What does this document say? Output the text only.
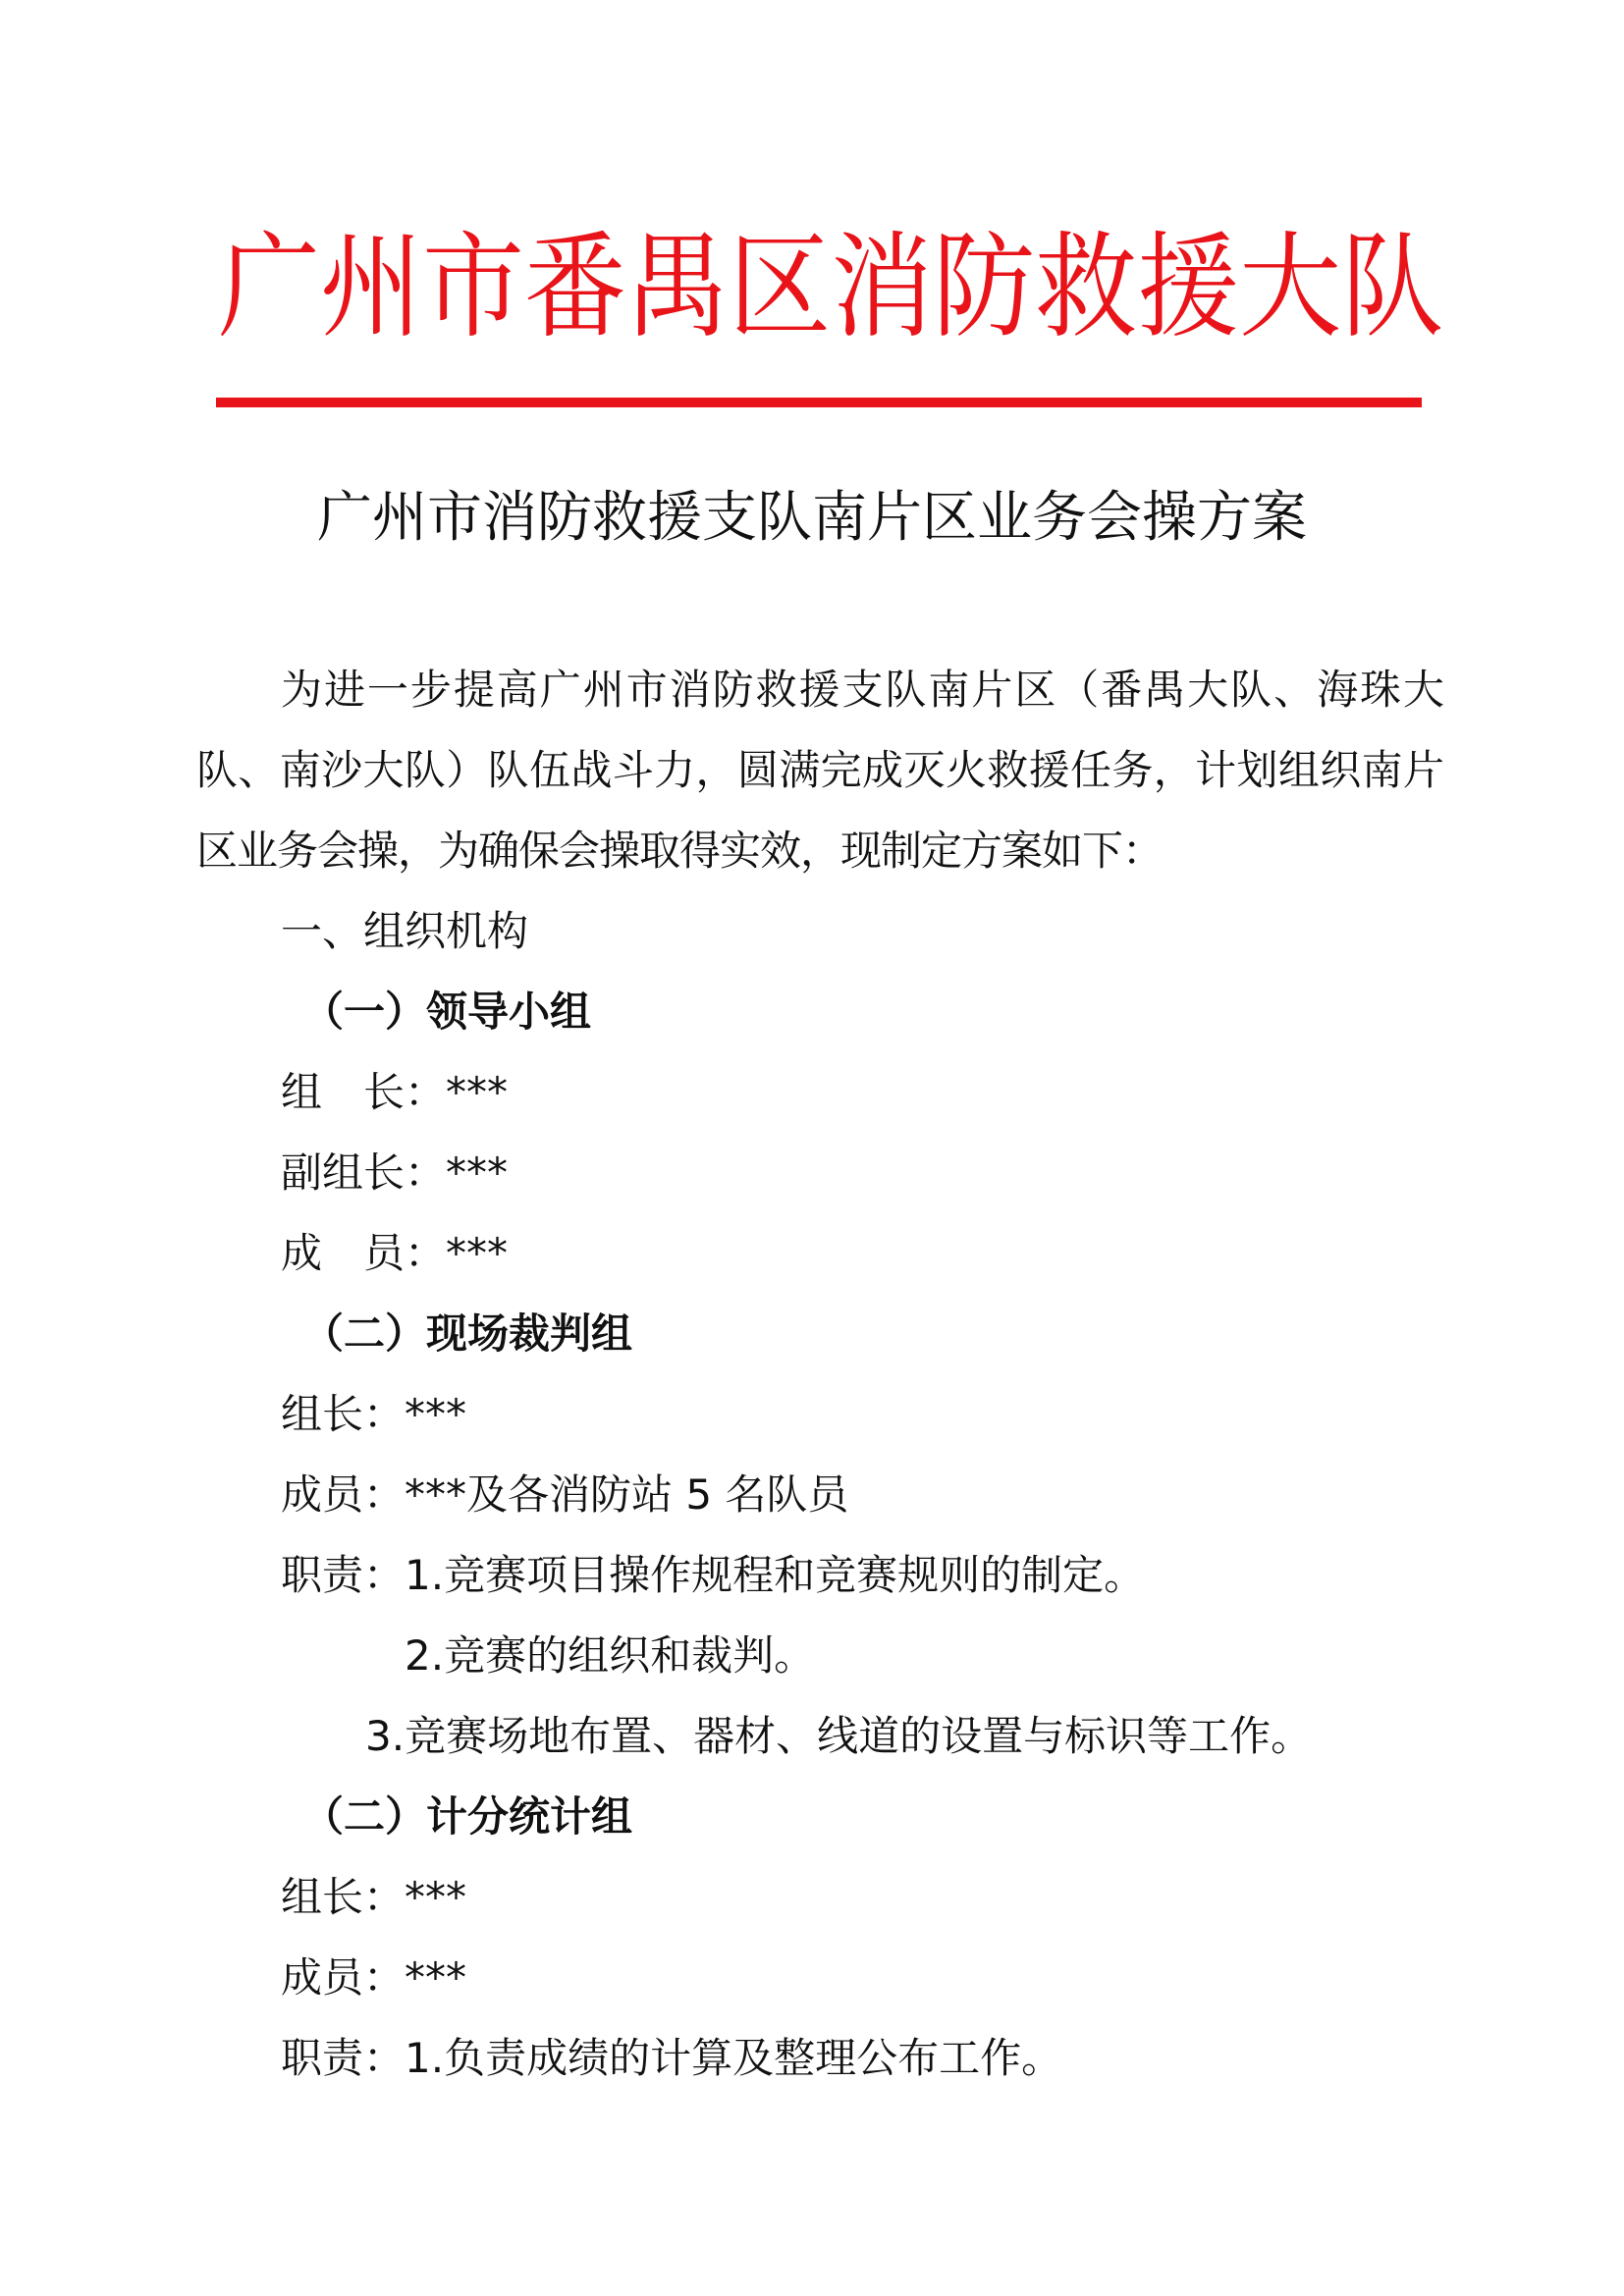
广 州 市 番 禺 区 消 防 救 援 大 队
广州市消防救援支队南片区业务会操方案
为进一步提高广州市消防救援支队南片区（番禺大队、海珠大队、南沙大队）队伍战斗力，圆满完成灭火救援任务，计划组织南片区业务会操，为确保会操取得实效，现制定方案如下：
一、组织机构
（一）领导小组
组　长：***
副组长：***
成　员：***
（二）现场裁判组
组长：***
成员：***及各消防站 5 名队员
职责：1.竞赛项目操作规程和竞赛规则的制定。
2.竞赛的组织和裁判。
3.竞赛场地布置、器材、线道的设置与标识等工作。
（二）计分统计组
组长：***
成员：***
职责：1.负责成绩的计算及整理公布工作。
